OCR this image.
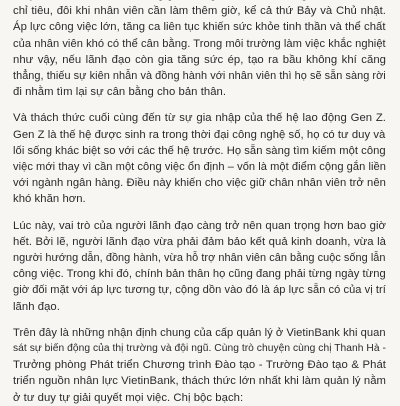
chỉ tiêu, đôi khi nhân viên cần làm thêm giờ, kể cả thứ Bảy và Chủ nhật.
Áp lực công việc lớn, tăng ca liên tục khiến sức khỏe tinh thần và thể chất
của nhân viên khó có thể cân bằng. Trong môi trường làm việc khắc nghiệt
như vậy, nếu lãnh đạo còn gia tăng sức ép, tạo ra bầu không khí căng
thẳng, thiếu sự kiên nhẫn và đồng hành với nhân viên thì họ sẽ sẵn sàng rời
đi nhằm tìm lại sự cân bằng cho bản thân.

Và thách thức cuối cùng đến từ sự gia nhập của thế hệ lao động Gen Z.
Gen Z là thế hệ được sinh ra trong thời đại công nghệ số, họ có tư duy và
lối sống khác biệt so với các thế hệ trước. Họ sẵn sàng tìm kiếm một công
việc mới thay vì cần một công việc ổn định – vốn là một điểm cộng gắn liền
với ngành ngân hàng. Điều này khiến cho việc giữ chân nhân viên trở nên
khó khăn hơn.

Lúc này, vai trò của người lãnh đạo càng trở nên quan trọng hơn bao giờ
hết. Bởi lẽ, người lãnh đạo vừa phải đảm bảo kết quả kinh doanh, vừa là
người hướng dẫn, đồng hành, vừa hỗ trợ nhân viên cân bằng cuộc sống lẫn
công việc. Trong khi đó, chính bản thân họ cũng đang phải từng ngày từng
giờ đối mặt với áp lực tương tự, cộng dồn vào đó là áp lực sẵn có của vị trí
lãnh đạo.

Trên đây là những nhận định chung của cấp quản lý ở VietinBank khi quan
sát sự biến động của thị trường và đội ngũ. Cùng trò chuyện cùng chị Thanh Hà -
Trưởng phòng Phát triển Chương trình Đào tạo - Trường Đào tạo & Phát
triển nguồn nhân lực VietinBank, thách thức lớn nhất khi làm quản lý nằm
ở tư duy tự giải quyết mọi việc. Chị bộc bạch:
